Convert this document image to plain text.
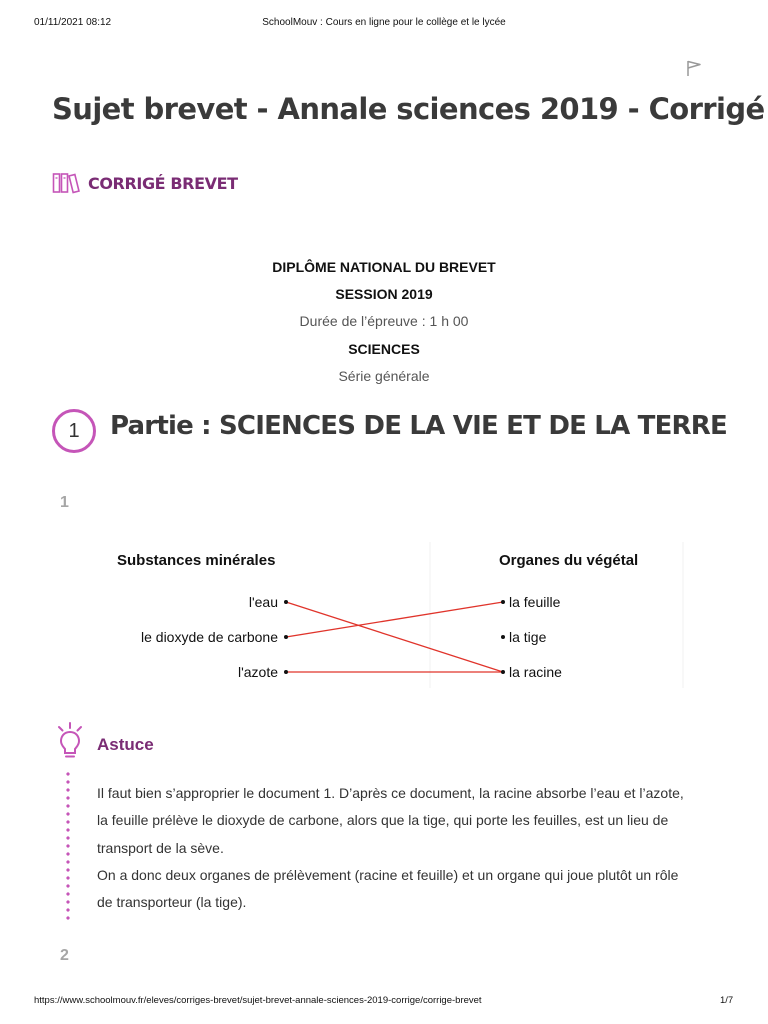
01/11/2021 08:12	SchoolMouv : Cours en ligne pour le collège et le lycée
Sujet brevet - Annale sciences 2019 - Corrigé
CORRIGÉ BREVET
DIPLÔME NATIONAL DU BREVET
SESSION 2019
Durée de l’épreuve : 1 h 00
SCIENCES
Série générale
1 Partie : SCIENCES DE LA VIE ET DE LA TERRE
1
Substances minérales	Organes du végétal
l'eau
le dioxyde de carbone
l'azote
la feuille
la tige
la racine
Astuce

Il faut bien s’approprier le document 1. D’après ce document, la racine absorbe l’eau et l’azote, la feuille prélève le dioxyde de carbone, alors que la tige, qui porte les feuilles, est un lieu de transport de la sève.

On a donc deux organes de prélèvement (racine et feuille) et un organe qui joue plutôt un rôle de transporteur (la tige).

2
https://www.schoolmouv.fr/eleves/corriges-brevet/sujet-brevet-annale-sciences-2019-corrige/corrige-brevet	1/7
